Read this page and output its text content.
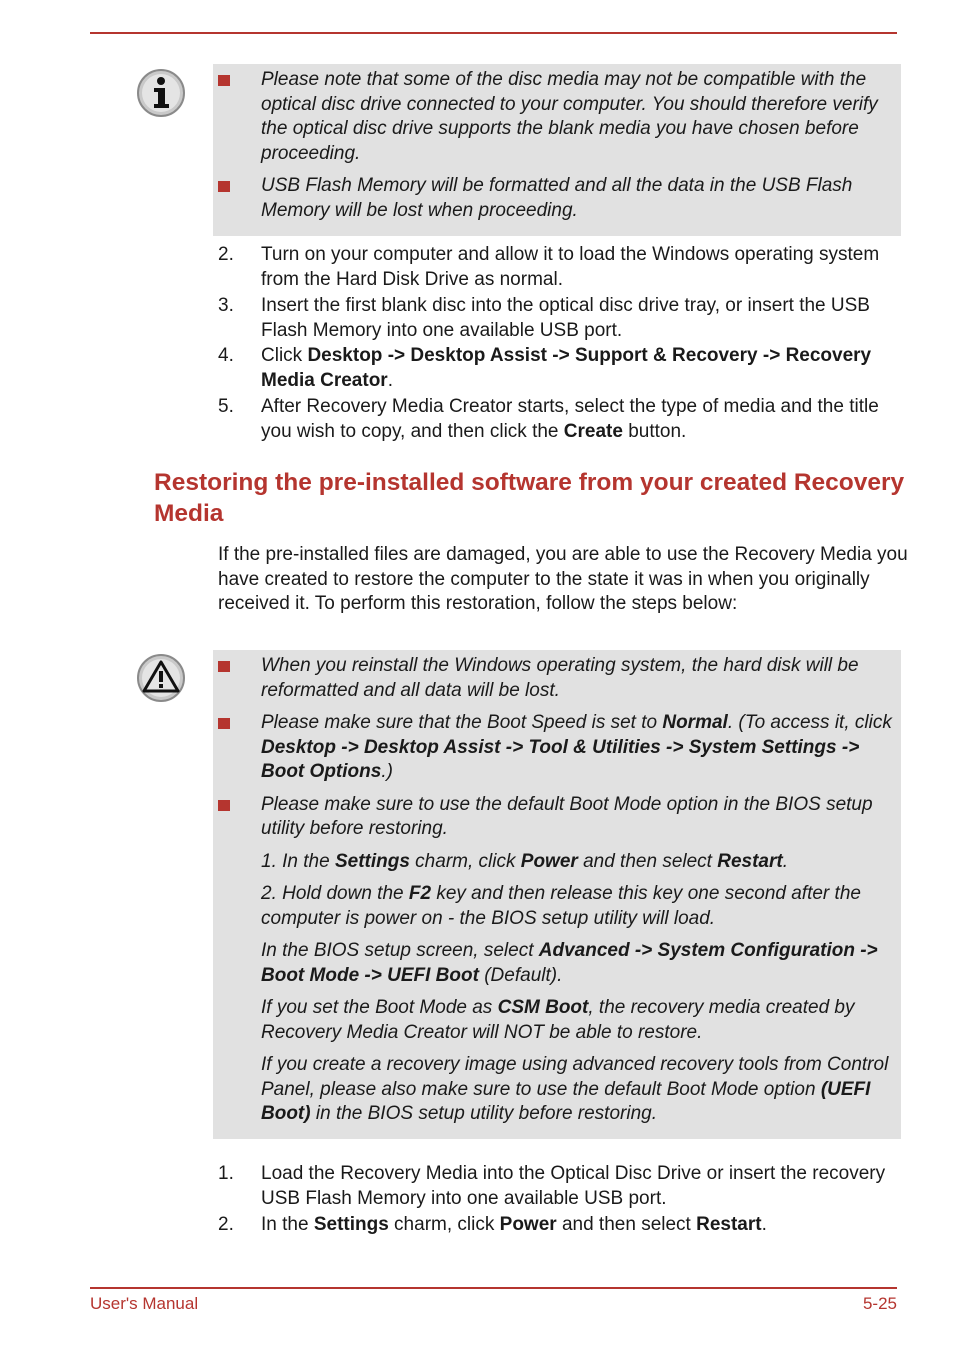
Please note that some of the disc media may not be compatible with the optical disc drive connected to your computer. You should therefore verify the optical disc drive supports the blank media you have chosen before proceeding.
USB Flash Memory will be formatted and all the data in the USB Flash Memory will be lost when proceeding.
2.	Turn on your computer and allow it to load the Windows operating system from the Hard Disk Drive as normal.
3.	Insert the first blank disc into the optical disc drive tray, or insert the USB Flash Memory into one available USB port.
4.	Click Desktop -> Desktop Assist -> Support & Recovery -> Recovery Media Creator.
5.	After Recovery Media Creator starts, select the type of media and the title you wish to copy, and then click the Create button.
Restoring the pre-installed software from your created Recovery Media
If the pre-installed files are damaged, you are able to use the Recovery Media you have created to restore the computer to the state it was in when you originally received it. To perform this restoration, follow the steps below:
When you reinstall the Windows operating system, the hard disk will be reformatted and all data will be lost.
Please make sure that the Boot Speed is set to Normal. (To access it, click Desktop -> Desktop Assist -> Tool & Utilities -> System Settings -> Boot Options.)
Please make sure to use the default Boot Mode option in the BIOS setup utility before restoring.
1. In the Settings charm, click Power and then select Restart.
2. Hold down the F2 key and then release this key one second after the computer is power on - the BIOS setup utility will load.
In the BIOS setup screen, select Advanced -> System Configuration -> Boot Mode -> UEFI Boot (Default).
If you set the Boot Mode as CSM Boot, the recovery media created by Recovery Media Creator will NOT be able to restore.
If you create a recovery image using advanced recovery tools from Control Panel, please also make sure to use the default Boot Mode option (UEFI Boot) in the BIOS setup utility before restoring.
1.	Load the Recovery Media into the Optical Disc Drive or insert the recovery USB Flash Memory into one available USB port.
2.	In the Settings charm, click Power and then select Restart.
User's Manual	5-25
